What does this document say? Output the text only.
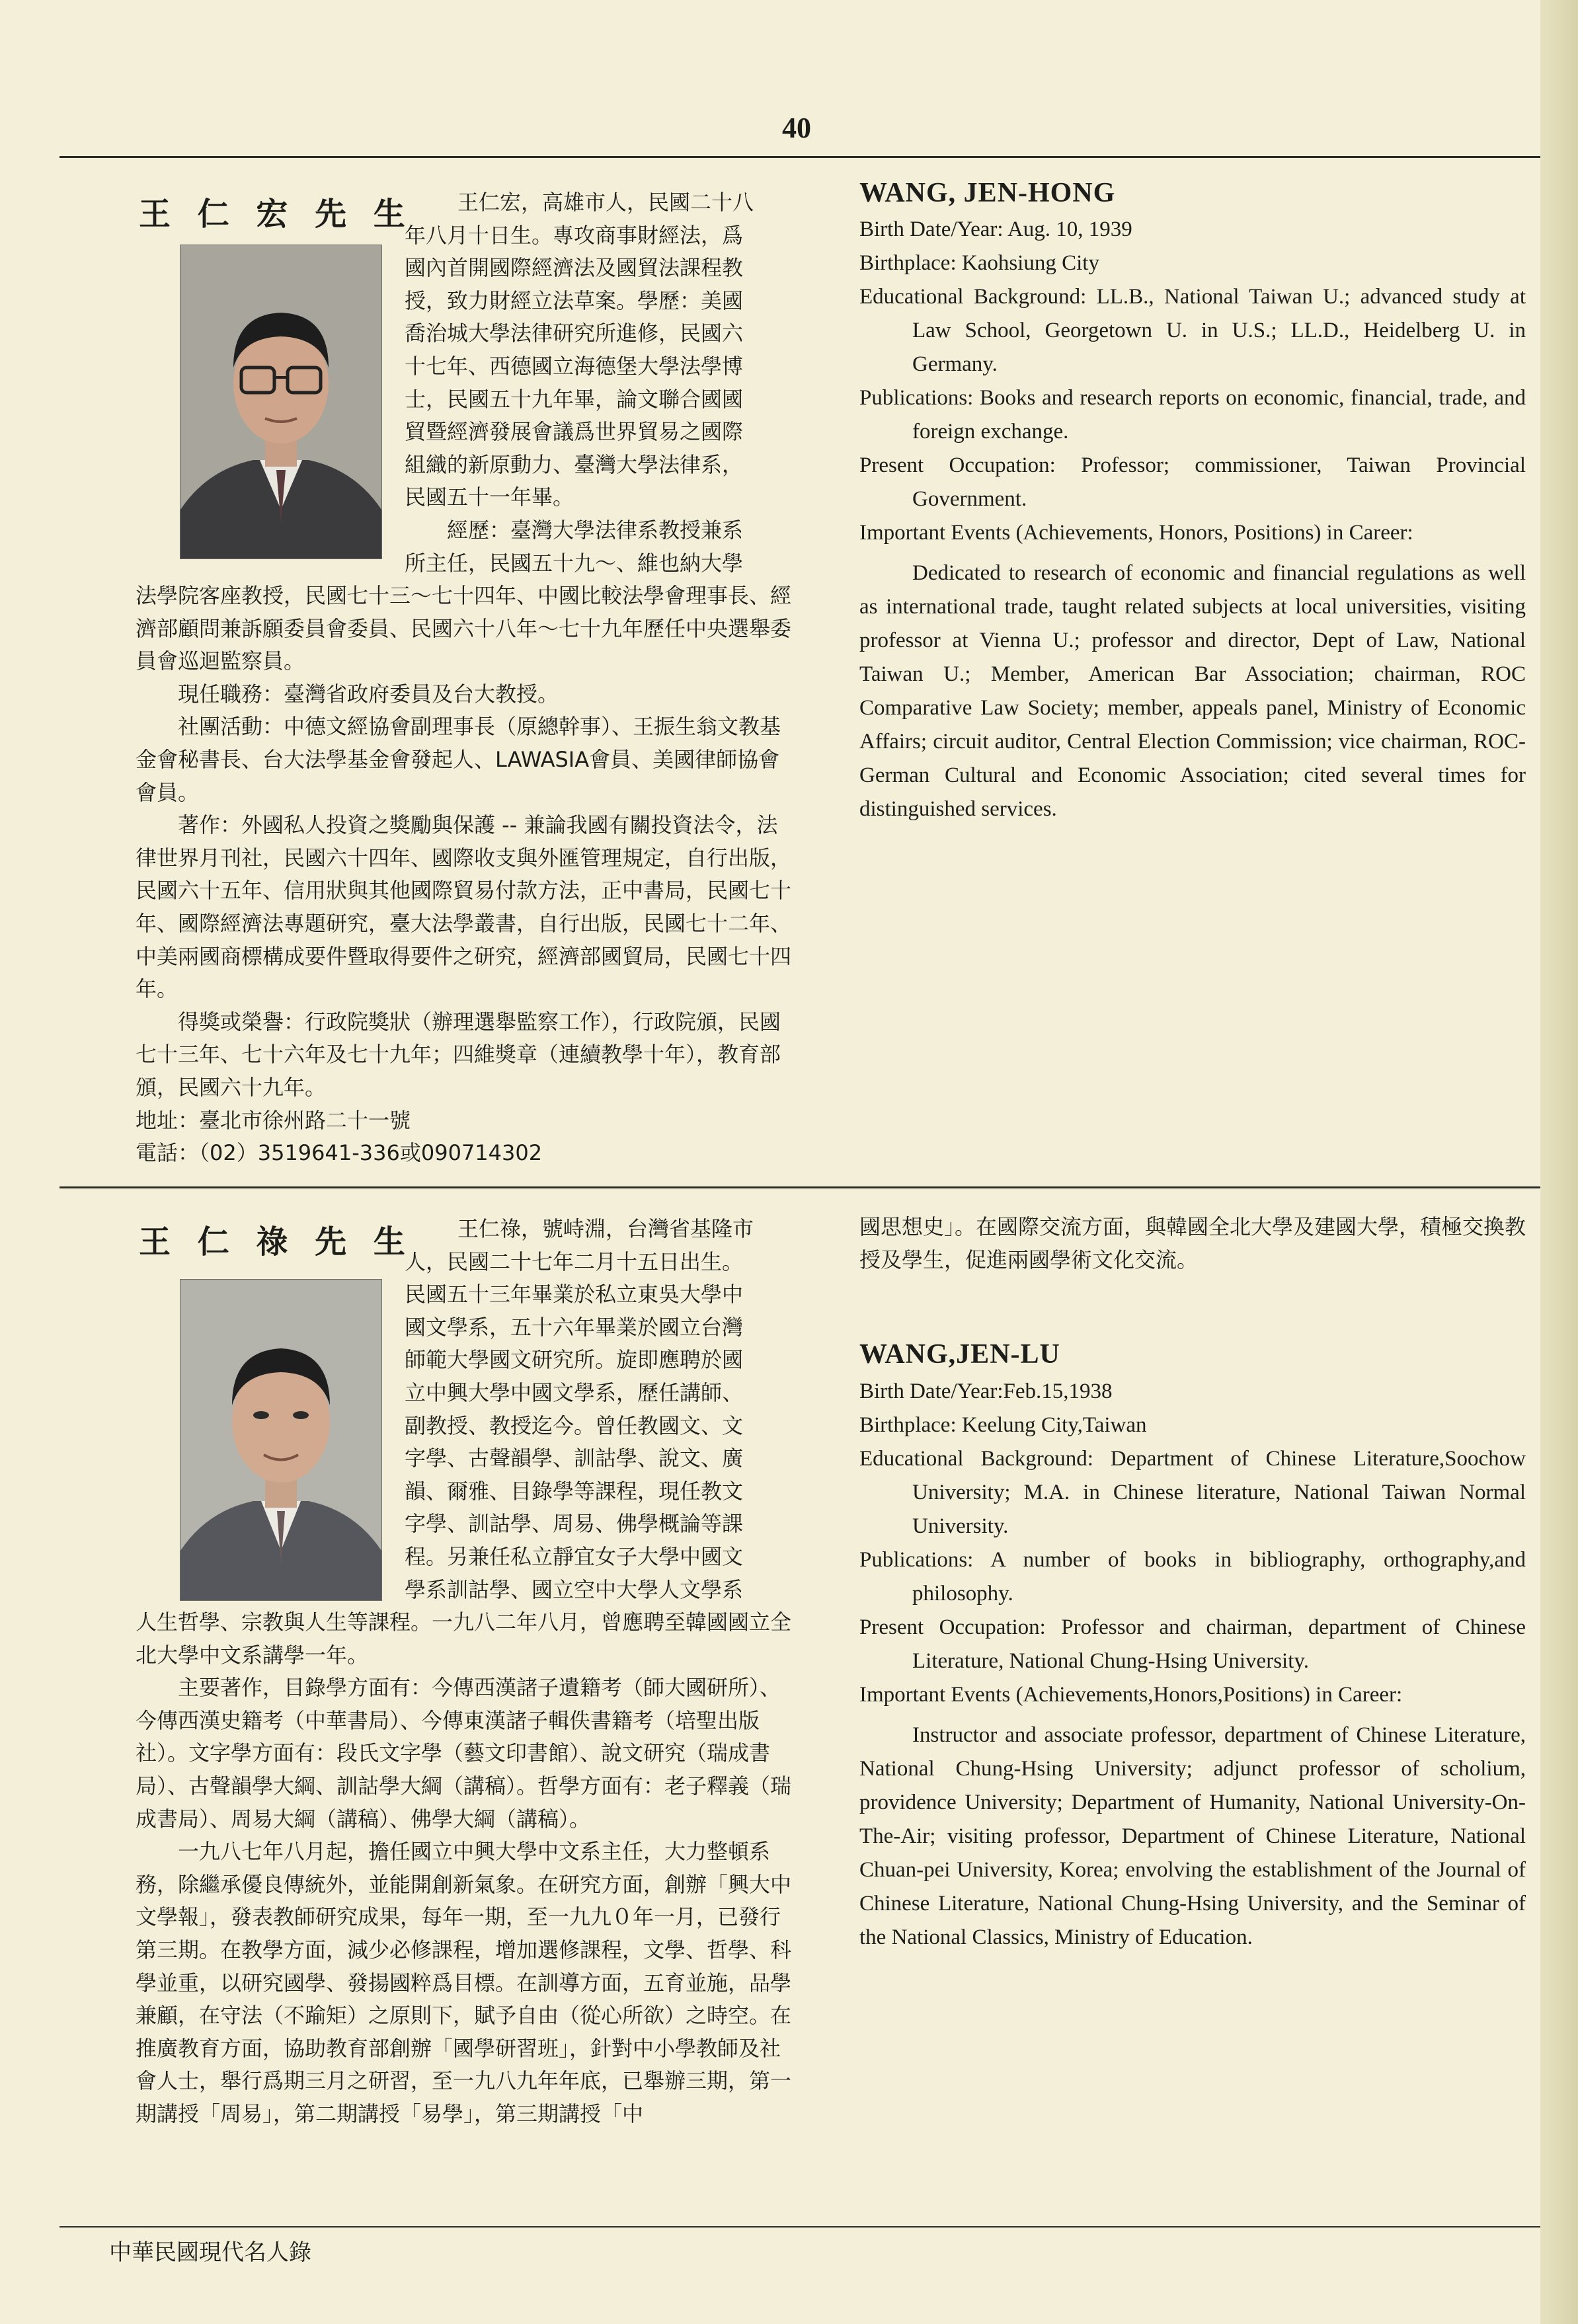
40
王 仁 宏 先 生	王仁宏，高雄市人，民國二十八

年八月十日生。專攻商事財經法，爲

國內首開國際經濟法及國貿法課程教

授，致力財經立法草案。學歷：美國

喬治城大學法律研究所進修，民國六

十七年、西德國立海德堡大學法學博

士，民國五十九年畢，論文聯合國國

貿暨經濟發展會議爲世界貿易之國際

組織的新原動力、臺灣大學法律系，

民國五十一年畢。

經歷：臺灣大學法律系教授兼系

所主任，民國五十九～、維也納大學

法學院客座教授，民國七十三～七十四年、中國比較法學會理事長、經濟部顧問兼訴願委員會委員、民國六十八年～七十九年歷任中央選舉委員會巡迴監察員。

現任職務：臺灣省政府委員及台大教授。

社團活動：中德文經協會副理事長（原總幹事）、王振生翁文教基金會秘書長、台大法學基金會發起人、LAWASIA會員、美國律師協會會員。

著作：外國私人投資之獎勵與保護 -- 兼論我國有關投資法令，法律世界月刊社，民國六十四年、國際收支與外匯管理規定，自行出版，民國六十五年、信用狀與其他國際貿易付款方法，正中書局，民國七十年、國際經濟法專題研究，臺大法學叢書，自行出版，民國七十二年、中美兩國商標構成要件暨取得要件之研究，經濟部國貿局，民國七十四年。

得獎或榮譽：行政院獎狀（辦理選舉監察工作），行政院頒，民國七十三年、七十六年及七十九年；四維獎章（連續教學十年），教育部頒，民國六十九年。

地址：臺北市徐州路二十一號

電話：（02）3519641-336或090714302

WANG, JEN-HONG

Birth Date/Year: Aug. 10, 1939

Birthplace: Kaohsiung City

Educational Background: LL.B., National Taiwan U.; advanced study at Law School, Georgetown U. in U.S.; LL.D., Heidelberg U. in Germany.

Publications: Books and research reports on economic, financial, trade, and foreign exchange.

Present Occupation: Professor; commissioner, Taiwan Provincial Government.

Important Events (Achievements, Honors, Positions) in Career:

Dedicated to research of economic and financial regulations as well as international trade, taught related subjects at local universities, visiting professor at Vienna U.; professor and director, Dept of Law, National Taiwan U.; Member, American Bar Association; chairman, ROC Comparative Law Society; member, appeals panel, Ministry of Economic Affairs; circuit auditor, Central Election Commission; vice chairman, ROC-German Cultural and Economic Association; cited several times for distinguished services.

王 仁 祿 先 生	王仁祿，號峙淵，台灣省基隆市

人，民國二十七年二月十五日出生。

民國五十三年畢業於私立東吳大學中

國文學系，五十六年畢業於國立台灣

師範大學國文研究所。旋即應聘於國

立中興大學中國文學系，歷任講師、

副教授、教授迄今。曾任教國文、文

字學、古聲韻學、訓詁學、說文、廣

韻、爾雅、目錄學等課程，現任教文

字學、訓詁學、周易、佛學概論等課

程。另兼任私立靜宜女子大學中國文

學系訓詁學、國立空中大學人文學系

人生哲學、宗教與人生等課程。一九八二年八月，曾應聘至韓國國立全北大學中文系講學一年。

主要著作，目錄學方面有：今傳西漢諸子遺籍考（師大國研所）、今傳西漢史籍考（中華書局）、今傳東漢諸子輯佚書籍考（培聖出版社）。文字學方面有：段氏文字學（藝文印書館）、說文研究（瑞成書局）、古聲韻學大綱、訓詁學大綱（講稿）。哲學方面有：老子釋義（瑞成書局）、周易大綱（講稿）、佛學大綱（講稿）。

一九八七年八月起，擔任國立中興大學中文系主任，大力整頓系務，除繼承優良傳統外，並能開創新氣象。在研究方面，創辦「興大中文學報」，發表教師研究成果，每年一期，至一九九０年一月，已發行第三期。在教學方面，減少必修課程，增加選修課程，文學、哲學、科學並重，以研究國學、發揚國粹爲目標。在訓導方面，五育並施，品學兼顧，在守法（不踰矩）之原則下，賦予自由（從心所欲）之時空。在推廣教育方面，協助教育部創辦「國學研習班」，針對中小學教師及社會人士，舉行爲期三月之研習，至一九八九年年底，已舉辦三期，第一期講授「周易」，第二期講授「易學」，第三期講授「中

國思想史」。在國際交流方面，與韓國全北大學及建國大學，積極交換教授及學生，促進兩國學術文化交流。
WANG,JEN-LU

Birth Date/Year:Feb.15,1938

Birthplace: Keelung City,Taiwan

Educational Background: Department of Chinese Literature,Soochow University; M.A. in Chinese literature, National Taiwan Normal University.

Publications: A number of books in bibliography, orthography,and philosophy.

Present Occupation: Professor and chairman, department of Chinese Literature, National Chung-Hsing University.

Important Events (Achievements,Honors,Positions) in Career:

Instructor and associate professor, department of Chinese Literature, National Chung-Hsing University; adjunct professor of scholium, providence University; Department of Humanity, National University-On-The-Air; visiting professor, Department of Chinese Literature, National Chuan-pei University, Korea; envolving the establishment of the Journal of Chinese Literature, National Chung-Hsing University, and the Seminar of the National Classics, Ministry of Education.

中華民國現代名人錄
